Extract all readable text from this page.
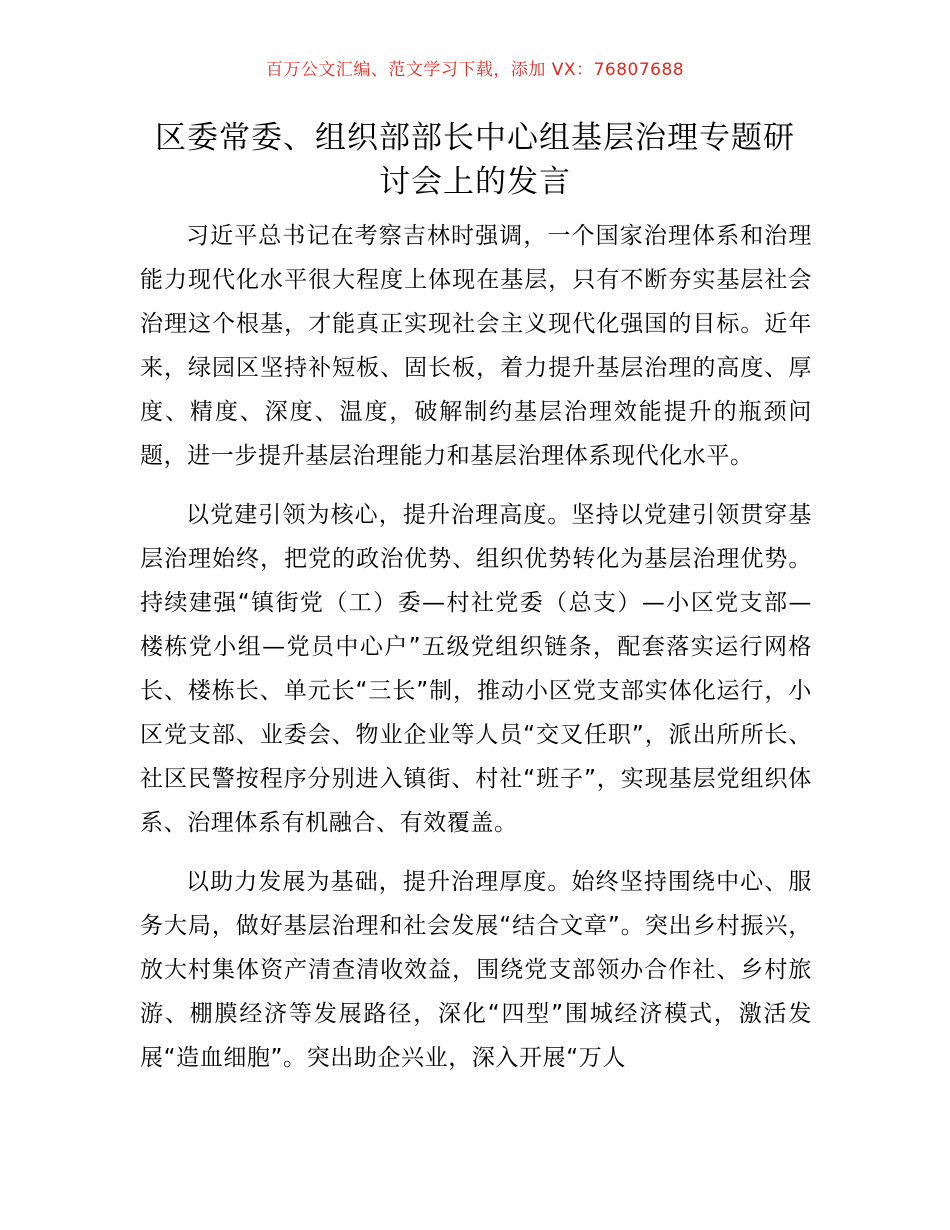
百万公文汇编、范文学习下载，添加 VX：76807688
区委常委、组织部部长中心组基层治理专题研讨会上的发言

习近平总书记在考察吉林时强调，一个国家治理体系和治理能力现代化水平很大程度上体现在基层，只有不断夯实基层社会治理这个根基，才能真正实现社会主义现代化强国的目标。近年来，绿园区坚持补短板、固长板，着力提升基层治理的高度、厚度、精度、深度、温度，破解制约基层治理效能提升的瓶颈问题，进一步提升基层治理能力和基层治理体系现代化水平。

以党建引领为核心，提升治理高度。坚持以党建引领贯穿基层治理始终，把党的政治优势、组织优势转化为基层治理优势。持续建强“镇街党（工）委—村社党委（总支）—小区党支部—楼栋党小组—党员中心户”五级党组织链条，配套落实运行网格长、楼栋长、单元长“三长”制，推动小区党支部实体化运行，小区党支部、业委会、物业企业等人员“交叉任职”，派出所所长、社区民警按程序分别进入镇街、村社“班子”，实现基层党组织体系、治理体系有机融合、有效覆盖。

以助力发展为基础，提升治理厚度。始终坚持围绕中心、服务大局，做好基层治理和社会发展“结合文章”。突出乡村振兴，放大村集体资产清查清收效益，围绕党支部领办合作社、乡村旅游、棚膜经济等发展路径，深化“四型”围城经济模式，激活发展“造血细胞”。突出助企兴业，深入开展“万人
